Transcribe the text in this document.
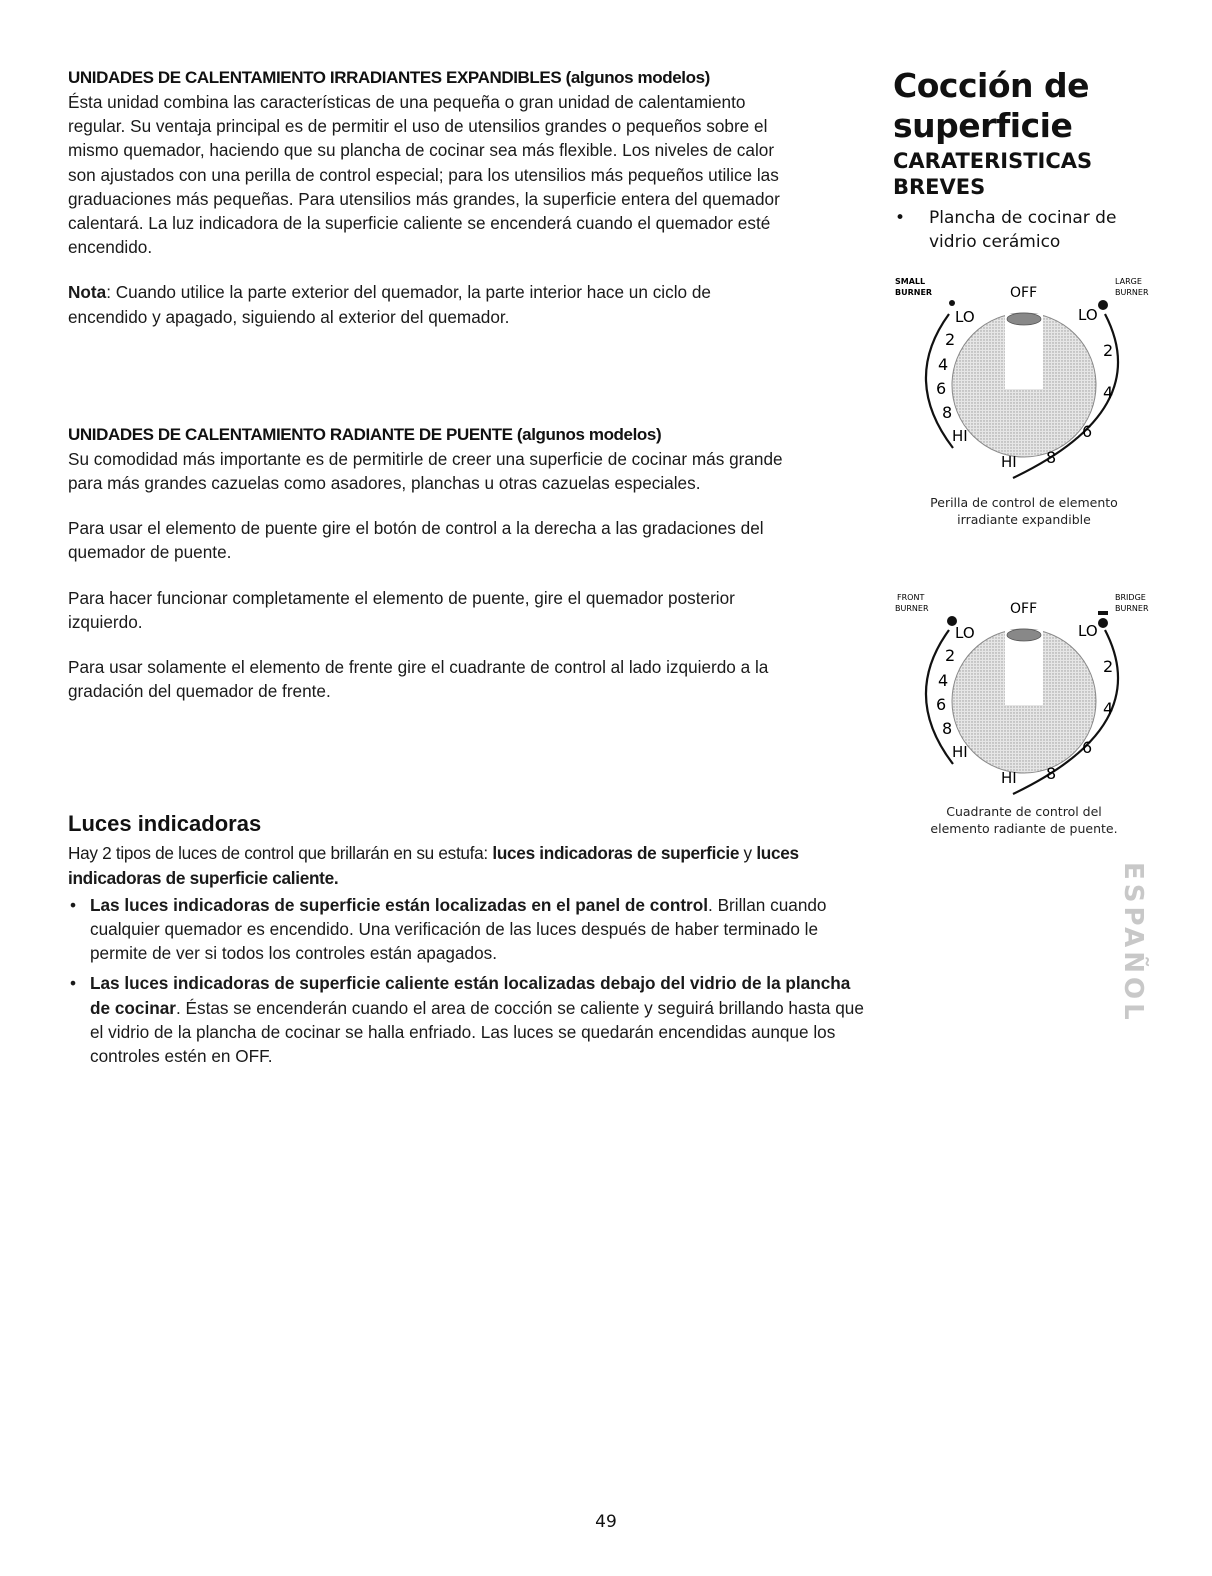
UNIDADES DE CALENTAMIENTO IRRADIANTES EXPANDIBLES (algunos modelos)

Ésta unidad combina las características de una pequeña o gran unidad de calentamiento
regular. Su ventaja principal es de permitir el uso de utensilios grandes o pequeños sobre el
mismo quemador, haciendo que su plancha de cocinar sea más flexible. Los niveles de calor
son ajustados con una perilla de control especial; para los utensilios más pequeños utilice las
graduaciones más pequeñas. Para utensilios más grandes, la superficie entera del quemador
calentará. La luz indicadora de la superficie caliente se encenderá cuando el quemador esté
encendido.

Nota: Cuando utilice la parte exterior del quemador, la parte interior hace un ciclo de
encendido y apagado, siguiendo al exterior del quemador.

UNIDADES DE CALENTAMIENTO RADIANTE DE PUENTE (algunos modelos)

Su comodidad más importante es de permitirle de creer una superficie de cocinar más grande
para más grandes cazuelas como asadores, planchas u otras cazuelas especiales.

Para usar el elemento de puente gire el botón de control a la derecha a las gradaciones del
quemador de puente.

Para hacer funcionar completamente el elemento de puente, gire el quemador posterior
izquierdo.

Para usar solamente el elemento de frente gire el cuadrante de control al lado izquierdo a la
gradación del quemador de frente.

Luces indicadoras

Hay 2 tipos de luces de control que brillarán en su estufa: luces indicadoras de superficie y luces indicadoras de superficie caliente.

• Las luces indicadoras de superficie están localizadas en el panel de control. Brillan cuando cualquier quemador es encendido. Una verificación de las luces después de haber terminado le permite de ver si todos los controles están apagados.
• Las luces indicadoras de superficie caliente están localizadas debajo del vidrio de la plancha de cocinar. Éstas se encenderán cuando el area de cocción se caliente y seguirá brillando hasta que el vidrio de la plancha de cocinar se halla enfriado. Las luces se quedarán encendidas aunque los controles estén en OFF.
Cocción de
superficie
CARATERISTICAS
BREVES
• Plancha de cocinar de vidrio cerámico
SMALL
BURNER
LARGE
BURNER
OFF
LO
2
4
6
8
HI
LO
2
4
6
8
HI
Perilla de control de elemento
irradiante expandible
FRONT
BURNER
BRIDGE
BURNER
OFF
LO
2
4
6
8
HI
LO
2
4
6
8
HI
Cuadrante de control del
elemento radiante de puente.
ESPAÑOL
49
